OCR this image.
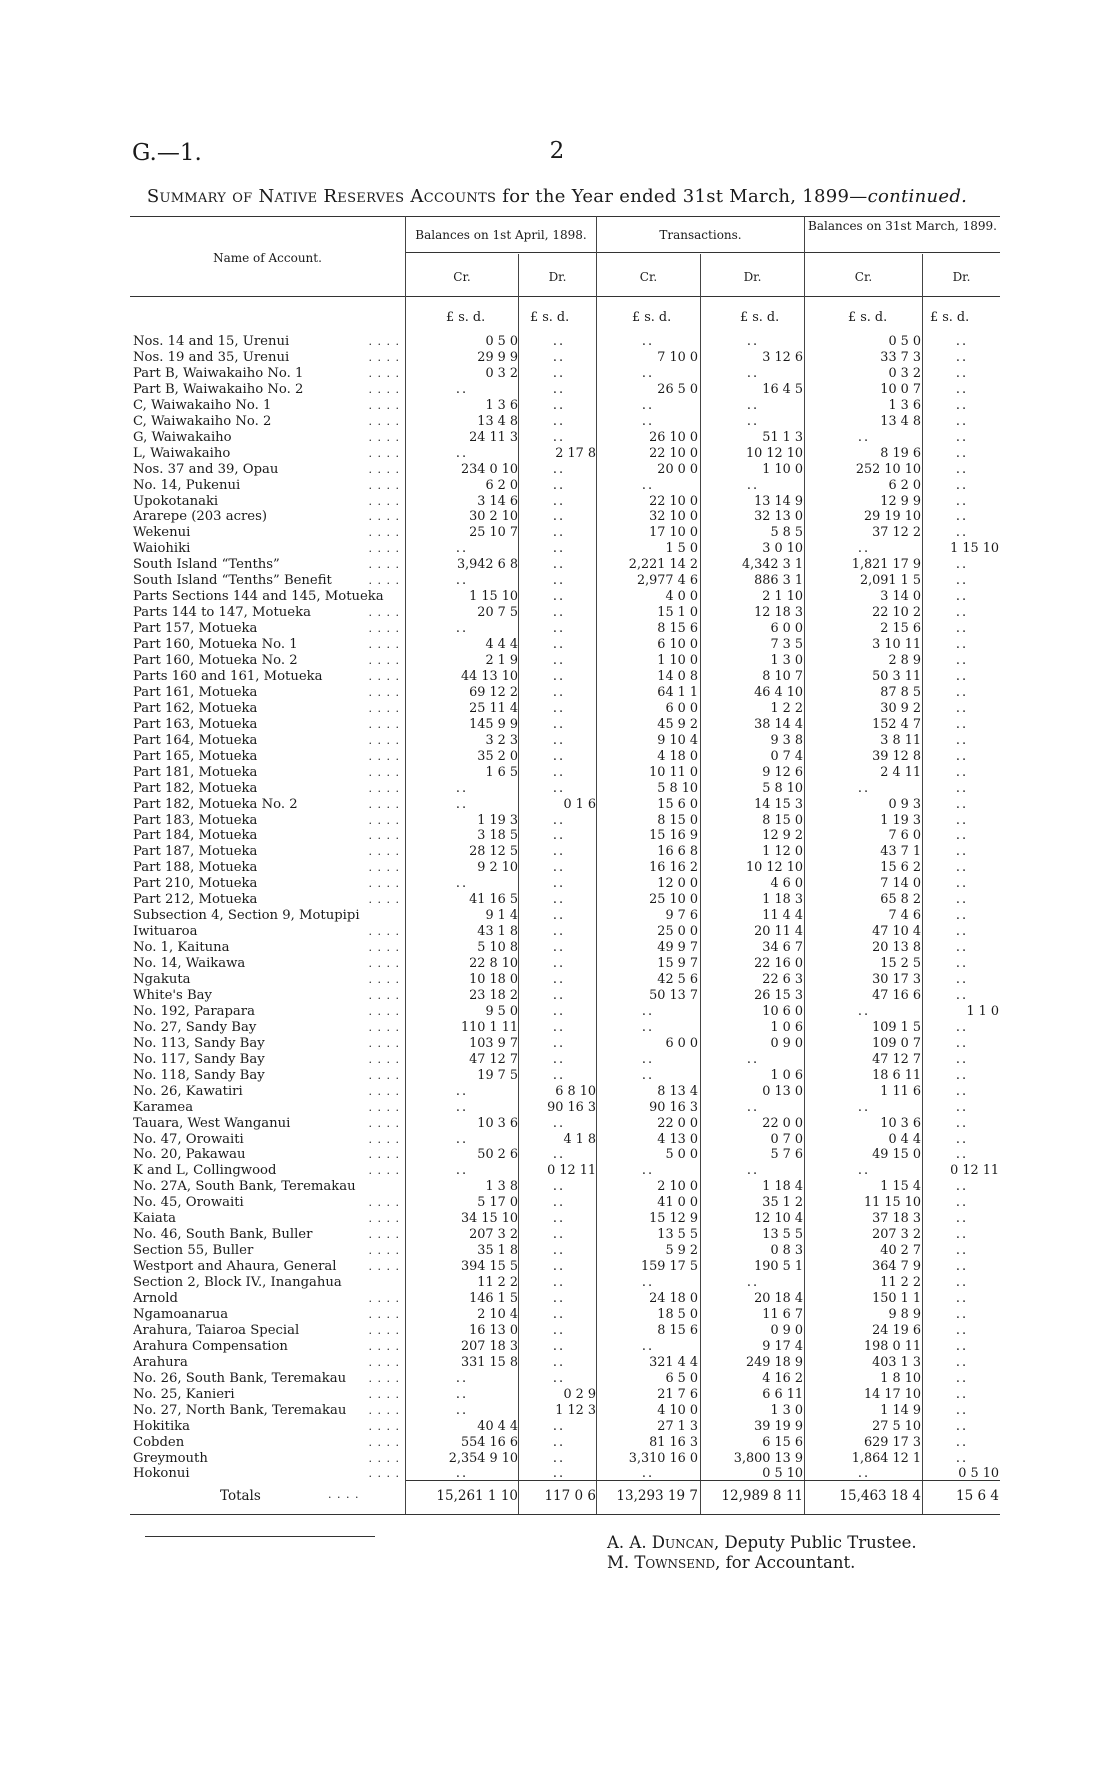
G.—1.	2
Summary of Native Reserves Accounts for the Year ended 31st March, 1899—continued.
Name of Account.
Balances on 1st April, 1898.	Transactions.
Balances on 31st March, 1899.
Cr.	Dr.	Cr.	Dr.	Cr.	Dr.
£ s. d.	£ s. d.	£ s. d.	£ s. d.	£ s. d.	£ s. d.
Nos. 14 and 15, Urenui	. . . .	0 5 0	..	..	..	0 5 0	..
Nos. 19 and 35, Urenui	. . . .	29 9 9	..	7 10 0	3 12 6	33 7 3	..
Part B, Waiwakaiho No. 1	. . . .	0 3 2	..	..	..	0 3 2	..
Part B, Waiwakaiho No. 2	. . . .	..	..	26 5 0	16 4 5	10 0 7	..
C, Waiwakaiho No. 1	. . . .	1 3 6	..	..	..	1 3 6	..
C, Waiwakaiho No. 2	. . . .	13 4 8	..	..	..	13 4 8	..
G, Waiwakaiho	. . . .	24 11 3	..	26 10 0	51 1 3	..	..
L, Waiwakaiho	. . . .	..	2 17 8	22 10 0	10 12 10	8 19 6	..
Nos. 37 and 39, Opau	. . . .	234 0 10	..	20 0 0	1 10 0	252 10 10	..
No. 14, Pukenui	. . . .	6 2 0	..	..	..	6 2 0	..
Upokotanaki	. . . .	3 14 6	..	22 10 0	13 14 9	12 9 9	..
Ararepe (203 acres)	. . . .	30 2 10	..	32 10 0	32 13 0	29 19 10	..
Wekenui	. . . .	25 10 7	..	17 10 0	5 8 5	37 12 2	..
Waiohiki	. . . .	..	..	1 5 0	3 0 10	..	1 15 10
South Island “Tenths”	. . . .	3,942 6 8	..	2,221 14 2	4,342 3 1	1,821 17 9	..
South Island “Tenths” Benefit	. . . .	..	..	2,977 4 6	886 3 1	2,091 1 5	..
Parts Sections 144 and 145, Motueka	1 15 10	..	4 0 0	2 1 10	3 14 0	..
Parts 144 to 147, Motueka	. . . .	20 7 5	..	15 1 0	12 18 3	22 10 2	..
Part 157, Motueka	. . . .	..	..	8 15 6	6 0 0	2 15 6	..
Part 160, Motueka No. 1	. . . .	4 4 4	..	6 10 0	7 3 5	3 10 11	..
Part 160, Motueka No. 2	. . . .	2 1 9	..	1 10 0	1 3 0	2 8 9	..
Parts 160 and 161, Motueka	. . . .	44 13 10	..	14 0 8	8 10 7	50 3 11	..
Part 161, Motueka	. . . .	69 12 2	..	64 1 1	46 4 10	87 8 5	..
Part 162, Motueka	. . . .	25 11 4	..	6 0 0	1 2 2	30 9 2	..
Part 163, Motueka	. . . .	145 9 9	..	45 9 2	38 14 4	152 4 7	..
Part 164, Motueka	. . . .	3 2 3	..	9 10 4	9 3 8	3 8 11	..
Part 165, Motueka	. . . .	35 2 0	..	4 18 0	0 7 4	39 12 8	..
Part 181, Motueka	. . . .	1 6 5	..	10 11 0	9 12 6	2 4 11	..
Part 182, Motueka	. . . .	..	..	5 8 10	5 8 10	..	..
Part 182, Motueka No. 2	. . . .	..	0 1 6	15 6 0	14 15 3	0 9 3	..
Part 183, Motueka	. . . .	1 19 3	..	8 15 0	8 15 0	1 19 3	..
Part 184, Motueka	. . . .	3 18 5	..	15 16 9	12 9 2	7 6 0	..
Part 187, Motueka	. . . .	28 12 5	..	16 6 8	1 12 0	43 7 1	..
Part 188, Motueka	. . . .	9 2 10	..	16 16 2	10 12 10	15 6 2	..
Part 210, Motueka	. . . .	..	..	12 0 0	4 6 0	7 14 0	..
Part 212, Motueka	. . . .	41 16 5	..	25 10 0	1 18 3	65 8 2	..
Subsection 4, Section 9, Motupipi	9 1 4	..	9 7 6	11 4 4	7 4 6	..
Iwituaroa	. . . .	43 1 8	..	25 0 0	20 11 4	47 10 4	..
No. 1, Kaituna	. . . .	5 10 8	..	49 9 7	34 6 7	20 13 8	..
No. 14, Waikawa	. . . .	22 8 10	..	15 9 7	22 16 0	15 2 5	..
Ngakuta	. . . .	10 18 0	..	42 5 6	22 6 3	30 17 3	..
White's Bay	. . . .	23 18 2	..	50 13 7	26 15 3	47 16 6	..
No. 192, Parapara	. . . .	9 5 0	..	..	10 6 0	..	1 1 0
No. 27, Sandy Bay	. . . .	110 1 11	..	..	1 0 6	109 1 5	..
No. 113, Sandy Bay	. . . .	103 9 7	..	6 0 0	0 9 0	109 0 7	..
No. 117, Sandy Bay	. . . .	47 12 7	..	..	..	47 12 7	..
No. 118, Sandy Bay	. . . .	19 7 5	..	..	1 0 6	18 6 11	..
No. 26, Kawatiri	. . . .	..	6 8 10	8 13 4	0 13 0	1 11 6	..
Karamea	. . . .	..	90 16 3	90 16 3	..	..	..
Tauara, West Wanganui	. . . .	10 3 6	..	22 0 0	22 0 0	10 3 6	..
No. 47, Orowaiti	. . . .	..	4 1 8	4 13 0	0 7 0	0 4 4	..
No. 20, Pakawau	. . . .	50 2 6	..	5 0 0	5 7 6	49 15 0	..
K and L, Collingwood	. . . .	..	0 12 11	..	..	..	0 12 11
No. 27A, South Bank, Teremakau	1 3 8	..	2 10 0	1 18 4	1 15 4	..
No. 45, Orowaiti	. . . .	5 17 0	..	41 0 0	35 1 2	11 15 10	..
Kaiata	. . . .	34 15 10	..	15 12 9	12 10 4	37 18 3	..
No. 46, South Bank, Buller	. . . .	207 3 2	..	13 5 5	13 5 5	207 3 2	..
Section 55, Buller	. . . .	35 1 8	..	5 9 2	0 8 3	40 2 7	..
Westport and Ahaura, General	. . . .	394 15 5	..	159 17 5	190 5 1	364 7 9	..
Section 2, Block IV., Inangahua	11 2 2	..	..	..	11 2 2	..
Arnold	. . . .	146 1 5	..	24 18 0	20 18 4	150 1 1	..
Ngamoanarua	. . . .	2 10 4	..	18 5 0	11 6 7	9 8 9	..
Arahura, Taiaroa Special	. . . .	16 13 0	..	8 15 6	0 9 0	24 19 6	..
Arahura Compensation	. . . .	207 18 3	..	..	9 17 4	198 0 11	..
Arahura	. . . .	331 15 8	..	321 4 4	249 18 9	403 1 3	..
No. 26, South Bank, Teremakau	. . . .	..	..	6 5 0	4 16 2	1 8 10	..
No. 25, Kanieri	. . . .	..	0 2 9	21 7 6	6 6 11	14 17 10	..
No. 27, North Bank, Teremakau	. . . .	..	1 12 3	4 10 0	1 3 0	1 14 9	..
Hokitika	. . . .	40 4 4	..	27 1 3	39 19 9	27 5 10	..
Cobden	. . . .	554 16 6	..	81 16 3	6 15 6	629 17 3	..
Greymouth	. . . .	2,354 9 10	..	3,310 16 0	3,800 13 9	1,864 12 1	..
Hokonui	. . . .	..	..	..	0 5 10	..	0 5 10
Totals	. . . .	15,261 1 10	117 0 6	13,293 19 7	12,989 8 11	15,463 18 4	15 6 4
A. A. Duncan, Deputy Public Trustee.
M. Townsend, for Accountant.
